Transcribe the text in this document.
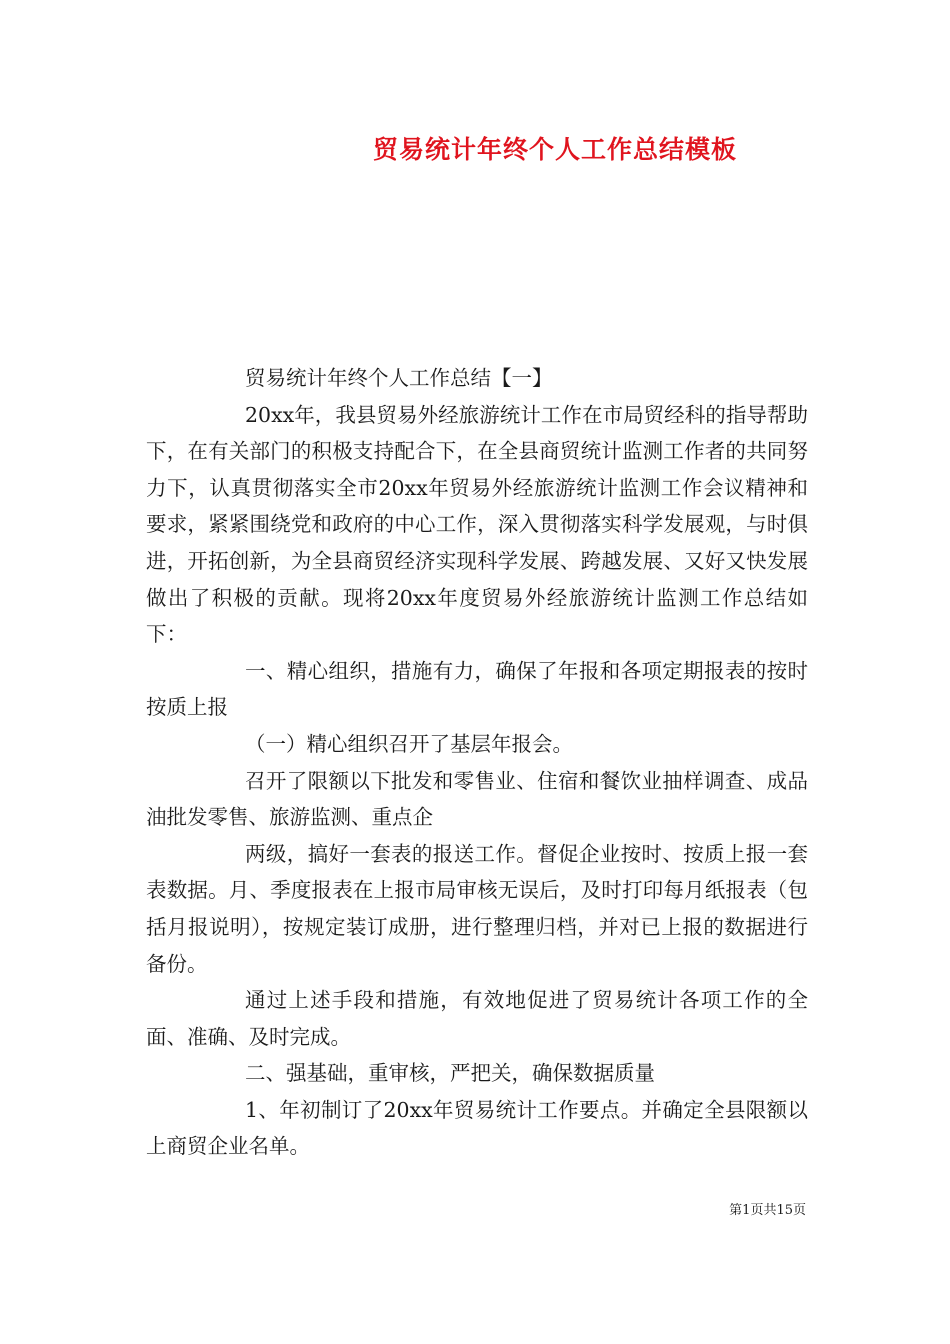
贸易统计年终个人工作总结模板

贸易统计年终个人工作总结【一】

20xx年，我县贸易外经旅游统计工作在市局贸经科的指导帮助下，在有关部门的积极支持配合下，在全县商贸统计监测工作者的共同努力下，认真贯彻落实全市20xx年贸易外经旅游统计监测工作会议精神和要求，紧紧围绕党和政府的中心工作，深入贯彻落实科学发展观，与时俱进，开拓创新，为全县商贸经济实现科学发展、跨越发展、又好又快发展做出了积极的贡献。现将20xx年度贸易外经旅游统计监测工作总结如下：

一、精心组织，措施有力，确保了年报和各项定期报表的按时按质上报

（一）精心组织召开了基层年报会。

召开了限额以下批发和零售业、住宿和餐饮业抽样调查、成品油批发零售、旅游监测、重点企

两级，搞好一套表的报送工作。督促企业按时、按质上报一套表数据。月、季度报表在上报市局审核无误后，及时打印每月纸报表（包括月报说明），按规定装订成册，进行整理归档，并对已上报的数据进行备份。

通过上述手段和措施，有效地促进了贸易统计各项工作的全面、准确、及时完成。

二、强基础，重审核，严把关，确保数据质量

1、年初制订了20xx年贸易统计工作要点。并确定全县限额以上商贸企业名单。

第1页共15页
